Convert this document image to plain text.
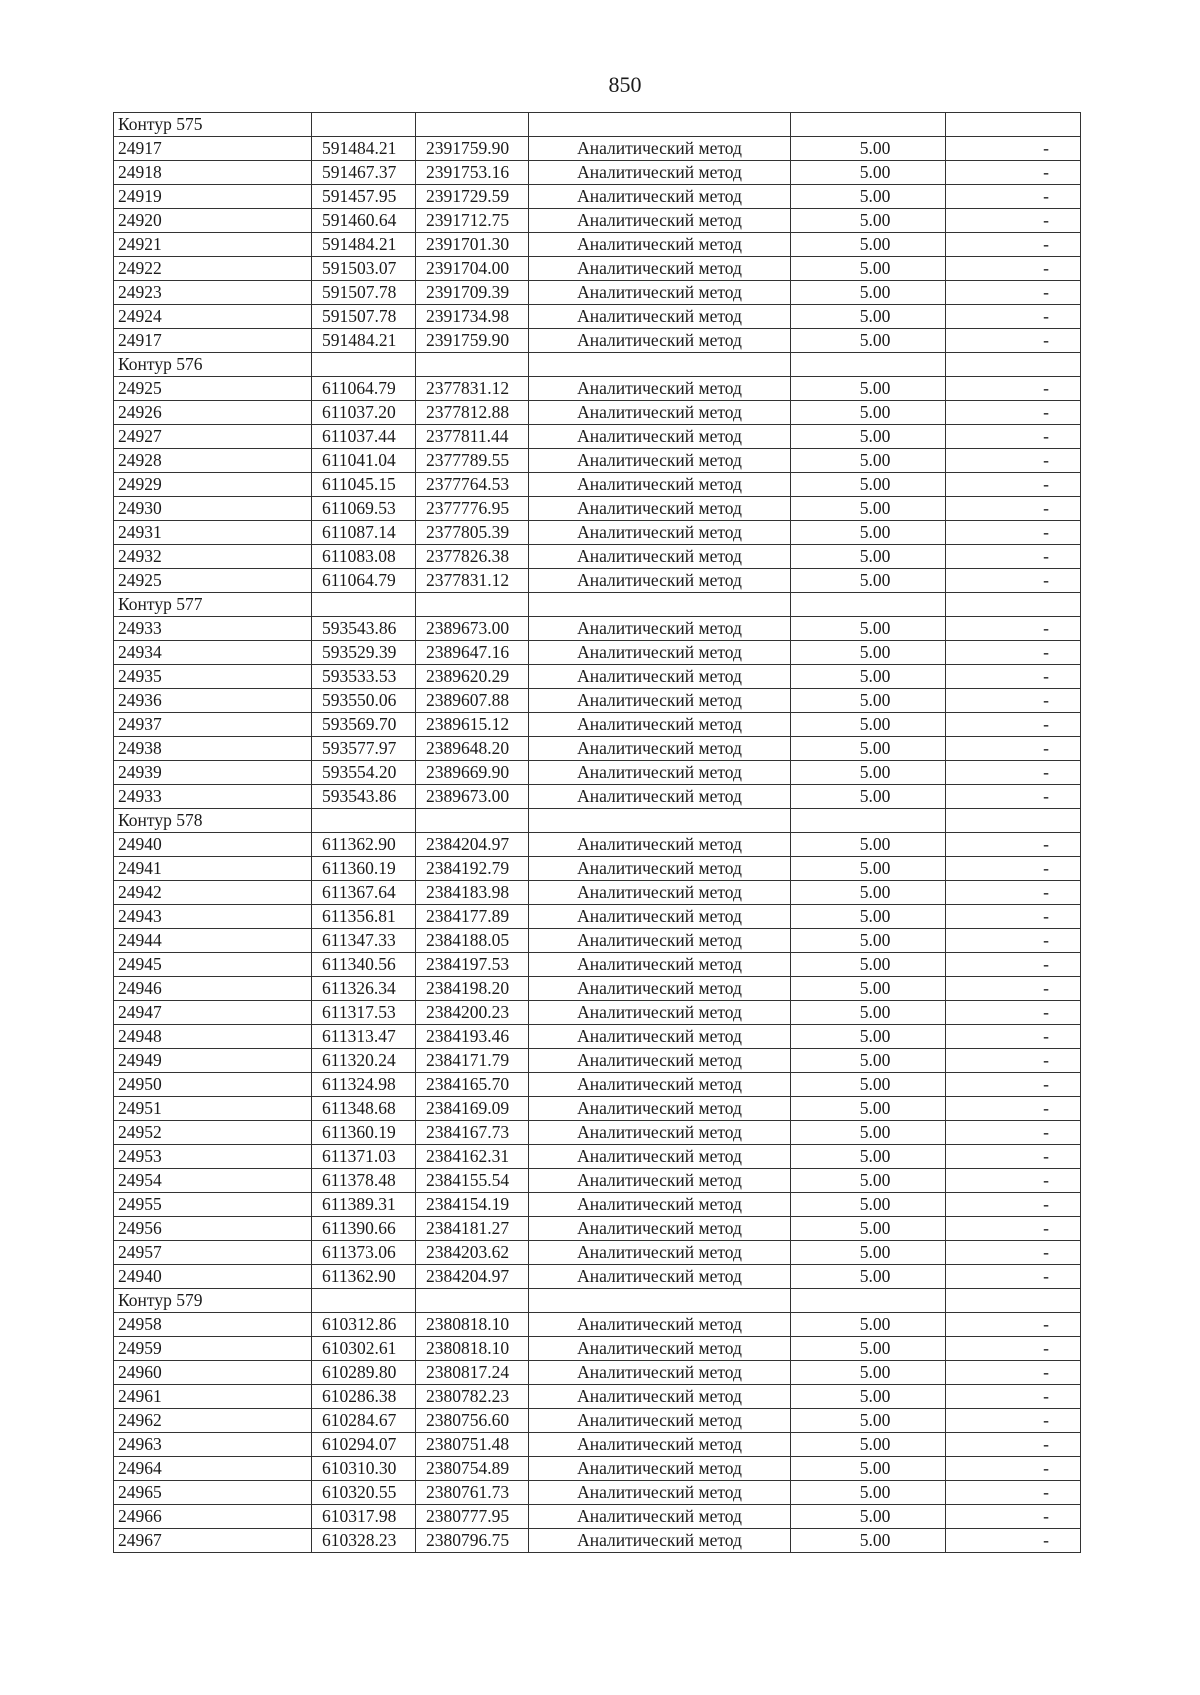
850
Контур 575					
24917	591484.21	2391759.90	Аналитический метод	5.00	-
24918	591467.37	2391753.16	Аналитический метод	5.00	-
24919	591457.95	2391729.59	Аналитический метод	5.00	-
24920	591460.64	2391712.75	Аналитический метод	5.00	-
24921	591484.21	2391701.30	Аналитический метод	5.00	-
24922	591503.07	2391704.00	Аналитический метод	5.00	-
24923	591507.78	2391709.39	Аналитический метод	5.00	-
24924	591507.78	2391734.98	Аналитический метод	5.00	-
24917	591484.21	2391759.90	Аналитический метод	5.00	-
Контур 576					
24925	611064.79	2377831.12	Аналитический метод	5.00	-
24926	611037.20	2377812.88	Аналитический метод	5.00	-
24927	611037.44	2377811.44	Аналитический метод	5.00	-
24928	611041.04	2377789.55	Аналитический метод	5.00	-
24929	611045.15	2377764.53	Аналитический метод	5.00	-
24930	611069.53	2377776.95	Аналитический метод	5.00	-
24931	611087.14	2377805.39	Аналитический метод	5.00	-
24932	611083.08	2377826.38	Аналитический метод	5.00	-
24925	611064.79	2377831.12	Аналитический метод	5.00	-
Контур 577					
24933	593543.86	2389673.00	Аналитический метод	5.00	-
24934	593529.39	2389647.16	Аналитический метод	5.00	-
24935	593533.53	2389620.29	Аналитический метод	5.00	-
24936	593550.06	2389607.88	Аналитический метод	5.00	-
24937	593569.70	2389615.12	Аналитический метод	5.00	-
24938	593577.97	2389648.20	Аналитический метод	5.00	-
24939	593554.20	2389669.90	Аналитический метод	5.00	-
24933	593543.86	2389673.00	Аналитический метод	5.00	-
Контур 578					
24940	611362.90	2384204.97	Аналитический метод	5.00	-
24941	611360.19	2384192.79	Аналитический метод	5.00	-
24942	611367.64	2384183.98	Аналитический метод	5.00	-
24943	611356.81	2384177.89	Аналитический метод	5.00	-
24944	611347.33	2384188.05	Аналитический метод	5.00	-
24945	611340.56	2384197.53	Аналитический метод	5.00	-
24946	611326.34	2384198.20	Аналитический метод	5.00	-
24947	611317.53	2384200.23	Аналитический метод	5.00	-
24948	611313.47	2384193.46	Аналитический метод	5.00	-
24949	611320.24	2384171.79	Аналитический метод	5.00	-
24950	611324.98	2384165.70	Аналитический метод	5.00	-
24951	611348.68	2384169.09	Аналитический метод	5.00	-
24952	611360.19	2384167.73	Аналитический метод	5.00	-
24953	611371.03	2384162.31	Аналитический метод	5.00	-
24954	611378.48	2384155.54	Аналитический метод	5.00	-
24955	611389.31	2384154.19	Аналитический метод	5.00	-
24956	611390.66	2384181.27	Аналитический метод	5.00	-
24957	611373.06	2384203.62	Аналитический метод	5.00	-
24940	611362.90	2384204.97	Аналитический метод	5.00	-
Контур 579					
24958	610312.86	2380818.10	Аналитический метод	5.00	-
24959	610302.61	2380818.10	Аналитический метод	5.00	-
24960	610289.80	2380817.24	Аналитический метод	5.00	-
24961	610286.38	2380782.23	Аналитический метод	5.00	-
24962	610284.67	2380756.60	Аналитический метод	5.00	-
24963	610294.07	2380751.48	Аналитический метод	5.00	-
24964	610310.30	2380754.89	Аналитический метод	5.00	-
24965	610320.55	2380761.73	Аналитический метод	5.00	-
24966	610317.98	2380777.95	Аналитический метод	5.00	-
24967	610328.23	2380796.75	Аналитический метод	5.00	-
